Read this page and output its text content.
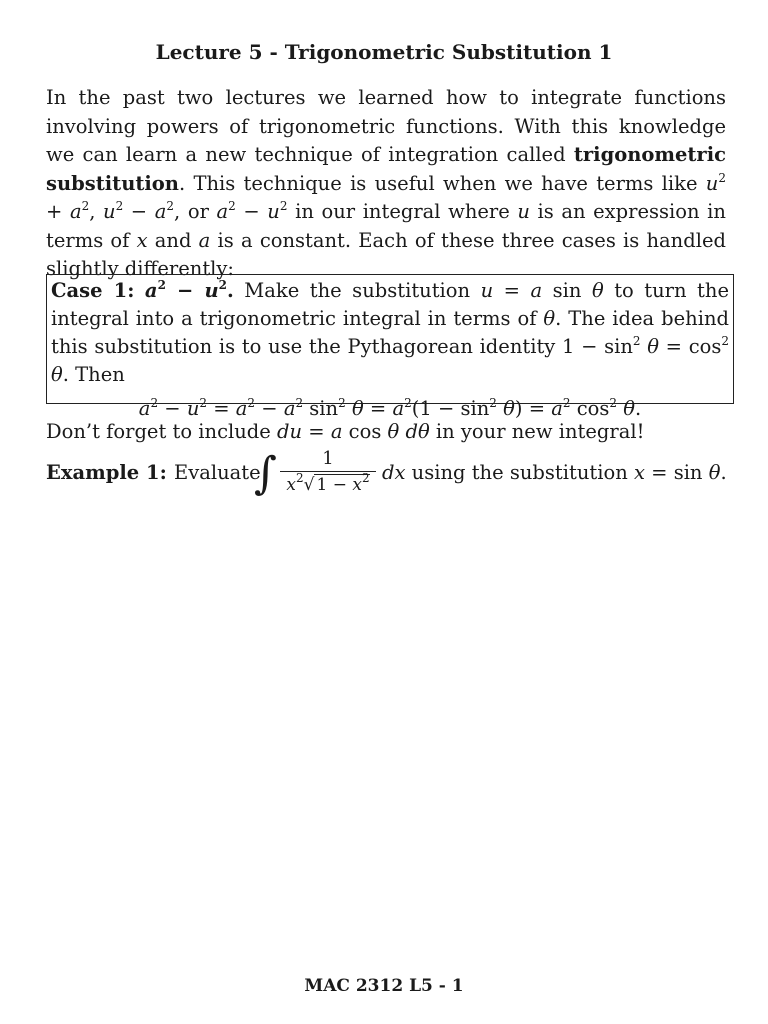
Lecture 5 - Trigonometric Substitution 1
In the past two lectures we learned how to integrate functions involving powers of trigonometric functions. With this knowledge we can learn a new technique of integration called trigonometric substitution. This technique is useful when we have terms like $u^2 + a^2$, $u^2 - a^2$, or $a^2 - u^2$ in our integral where u is an expression in terms of x and a is a constant. Each of these three cases is handled slightly differently:
Case 1: $a^2 - u^2$. Make the substitution u = a sin θ to turn the integral into a trigonometric integral in terms of θ. The idea behind this substitution is to use the Pythagorean identity $1 - \sin^2 \theta = \cos^2 \theta$. Then
$a^2 - u^2 = a^2 - a^2$ $\sin^2 \theta = a^2(1 - \sin^2 \theta) = a^2$ $\cos^2 \theta$.
Don’t forget to include du = a cos θ dθ in your new integral!
Example 1: Evaluate
∫	1
$x^2√$ $1 - x^2$ dx using the substitution x = sin θ.
MAC 2312 L5 - 1
